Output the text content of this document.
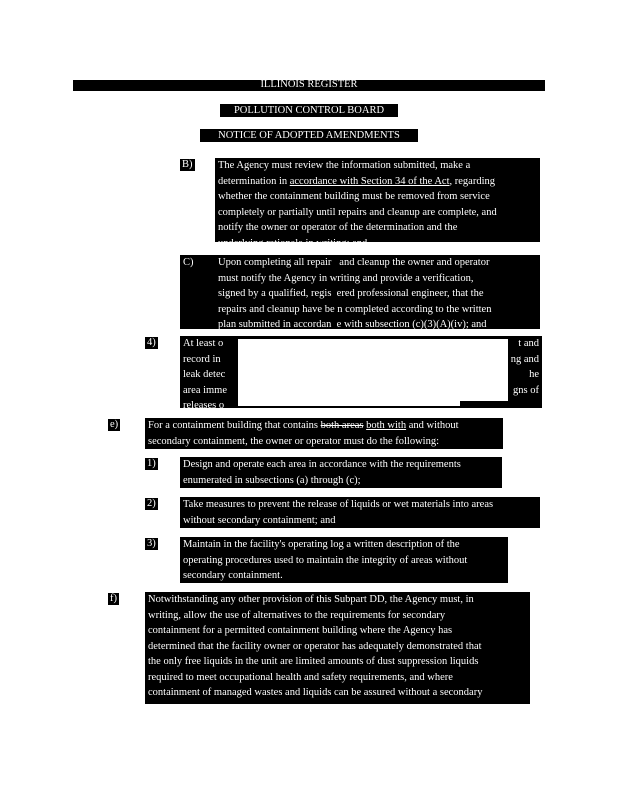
ILLINOIS REGISTER
POLLUTION CONTROL BOARD
NOTICE OF ADOPTED AMENDMENTS
B) The Agency must review the information submitted, make a

determination in accordance with Section 34 of the Act, regarding

whether the containment building must be removed from service

completely or partially until repairs and cleanup are complete, and

notify the owner or operator of the determination and the

underlying rationale in writing; and

C)	Upon completing all repair   and cleanup the owner and operator

must notify the Agency in writing and provide a verification,

signed by a qualified, regis  ered professional engineer, that the

repairs and cleanup have be n completed according to the written

plan submitted in accordan  e with subsection (c)(3)(A)(iv); and

4)	At least o	t and
record in	ng and
leak detec	he
area imme	gns of
releases o
e)	For a containment building that contains both areas both with and without

secondary containment, the owner or operator must do the following:

1)	Design and operate each area in accordance with the requirements

enumerated in subsections (a) through (c);

2)	Take measures to prevent the release of liquids or wet materials into areas

without secondary containment; and

3)	Maintain in the facility's operating log a written description of the

operating procedures used to maintain the integrity of areas without

secondary containment.

f)	Notwithstanding any other provision of this Subpart DD, the Agency must, in

writing, allow the use of alternatives to the requirements for secondary

containment for a permitted containment building where the Agency has

determined that the facility owner or operator has adequately demonstrated that

the only free liquids in the unit are limited amounts of dust suppression liquids

required to meet occupational health and safety requirements, and where

containment of managed wastes and liquids can be assured without a secondary

containment system.
